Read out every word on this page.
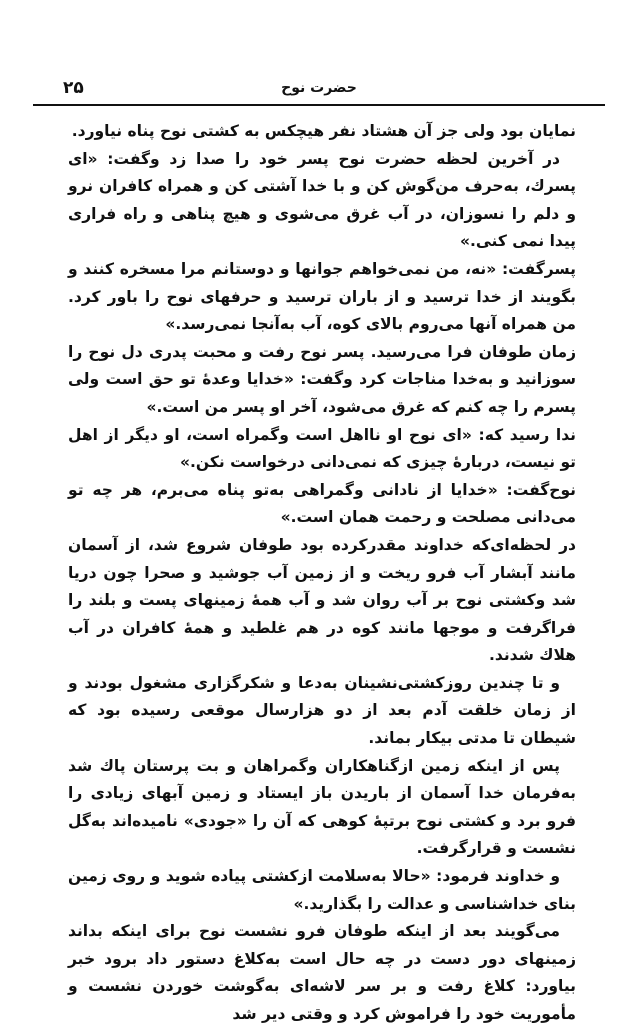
۲۵	حضرت نوح

نمایان بود ولی جز آن هشتاد نفر هیچکس به کشتی نوح پناه نیاورد.

در آخرین لحظه حضرت نوح پسر خود را صدا زد وگفت: «ای پسرك، به‌حرف من‌گوش کن و با خدا آشتی کن و همراه‌ کافران نرو و دلم را نسوزان، در آب غرق می‌شوی و هیچ پناهی و راه فراری پیدا نمی کنی.»

پسرگفت: «نه، من نمی‌خواهم جوانها و دوستانم مرا مسخره کنند و بگویند از خدا ترسید و از باران ترسید و حرفهای نوح را باور کرد. من همراه آنها می‌روم بالای کوه، آب به‌آنجا نمی‌رسد.»

زمان طوفان فرا می‌رسید. پسر نوح رفت و محبت پدری دل نوح را سوزانید و به‌خدا مناجات کرد وگفت: «خدایا وعدهٔ تو حق است ولی پسرم را چه کنم که غرق می‌شود، آخر او پسر من است.»

ندا رسید که: «ای نوح او نااهل است وگمراه است، او دیگر از اهل تو نیست، دربارهٔ چیزی که نمی‌دانی درخواست نکن.»

نوح‌گفت: «خدایا از نادانی وگمراهی به‌تو پناه می‌برم، هر چه تو می‌دانی مصلحت و رحمت همان است.»

در لحظه‌ای‌که خداوند مقدرکرده بود طوفان شروع شد، از آسمان مانند آبشار آب فرو ریخت و از زمین آب جوشید و صحرا چون دریا شد وکشتی نوح بر آب روان شد و آب همهٔ زمینهای پست و بلند را فراگرفت و موجها مانند کوه در هم غلطید و همهٔ کافران در آب هلاك شدند.

و تا چندین روزکشتی‌نشینان به‌دعا و شکرگزاری مشغول بودند و از زمان خلقت آدم بعد از دو هزارسال موقعی رسیده بود که شیطان تا مدتی بیکار بماند.

پس از اینکه زمین ازگناهکاران وگمراهان و بت پرستان پاك شد به‌فرمان خدا آسمان از باریدن باز ایستاد و زمین آبهای زیادی را فرو برد و کشتی نوح برتپهٔ کوهی که آن را «جودی» نامیده‌اند به‌گل نشست و قرارگرفت.

و خداوند فرمود: «حالا به‌سلامت ازکشتی پیاده شوید و روی زمین بنای خداشناسی و عدالت را بگذارید.»

می‌گویند بعد از اینکه طوفان فرو نشست نوح برای اینکه بداند زمینهای دور دست در چه حال است به‌کلاغ دستور داد برود خبر بیاورد: کلاغ رفت و بر سر لاشه‌ای به‌گوشت خوردن نشست و مأموریت خود را فراموش کرد و وقتی دیر شد
